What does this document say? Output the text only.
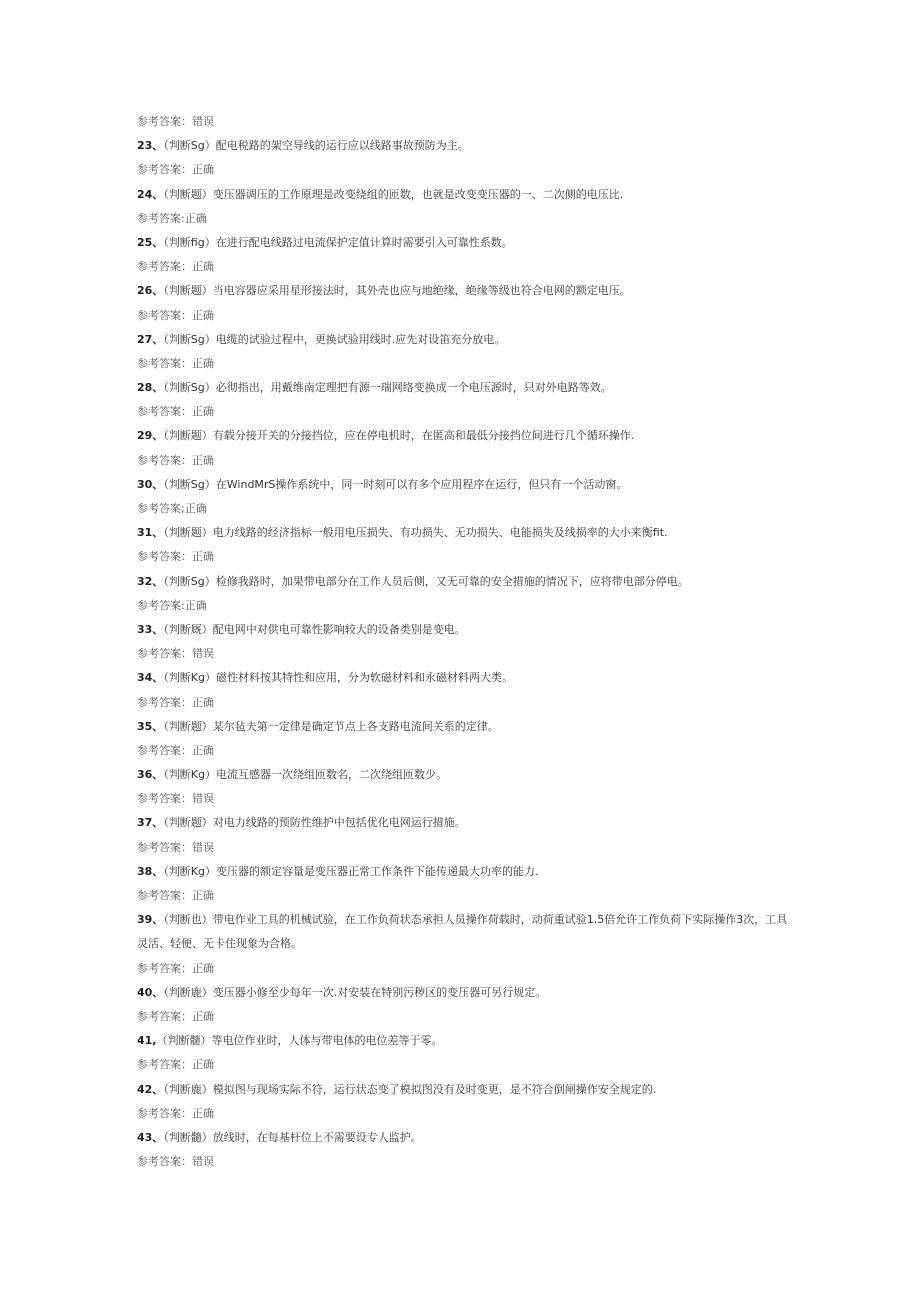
参考答案：错误
23、（判断Sg）配电税路的架空导线的运行应以线路事故预防为主。
参考答案：正确
24、（判断题）变压器调压的工作原理是改变绕组的匝数，也就是改变变压器的一、二次侧的电压比.
参考答案:正确
25、（判断fig）在进行配电线路过电流保护定值计算时需要引入可靠性系数。
参考答案：正确
26、（判断题）当电容器应采用星形接法时，其外壳也应与地绝缘，绝缘等级也符合电网的额定电压。
参考答案：正确
27、（判断Sg）电缆的试验过程中，更换试验用线时.应先对设笛充分放电。
参考答案：正确
28、（判断Sg）必彻指出，用戴维南定理把有源一瑞网络变换成一个电压源时，只对外电路等效。
参考答案：正确
29、（判断题）有载分接开关的分接挡位，应在停电机时，在匿高和最低分接挡位间进行几个循环操作.
参考答案：正确
30、（判断Sg）在WindMrS操作系统中，同一时刻可以有多个应用程序在运行，但只有一个活动窗。
参考答案;正确
31、（判断题）电力线路的经济指标一般用电压损失、有功损失、无功损失、电能损失及线损率的大小来衡fit.
参考答案：正确
32、（判断Sg）检修我路时，加果带电部分在工作人员后侧，又无可靠的安全措施的情况下，应将带电部分停电。
参考答案:正确
33、（判断厩）配电网中对供电可靠性影响较大的设备类别是变电。
参考答案：错误
34、（判断Kg）磁性材料按其特性和应用，分为软磁材料和永磁材料两大类。
参考答案：正确
35、（判断题）某尔毡夫第一定律是确定节点上各支路电流间关系的定律。
参考答案：正确
36、（判断Kg）电流互感器一次绕组匝数名，二次绕组匝数少。
参考答案：错误
37、（判断题）对电力线路的预防性维护中包括优化电网运行措施。
参考答案：错误
38、（判断Kg）变压器的额定容量是变压器正常工作条件下能传递最大功率的能力.
参考答案：正确
39、（判断也）带电作业工具的机械试验，在工作负荷状态承担人员操作荷载时，动荷重试验1.5倍允许工作负荷下实际操作3次，工具灵活、轻便、无卡住现象为合格。
参考答案：正确
40、（判断鹿）变压器小修至少每年一次.对安装在特别污秽区的变压器可另行规定。
参考答案：正确
41,（判断髓）等电位作业时，人体与带电体的电位差等于零。
参考答案：正确
42、（判断鹿）模拟图与现场实际不符，运行状态变了模拟图没有及时变更，是不符合倒闸操作安全规定的.
参考答案：正确
43、（判断髓）放线时，在每基杆位上不需要设专人监护。
参考答案：错误
